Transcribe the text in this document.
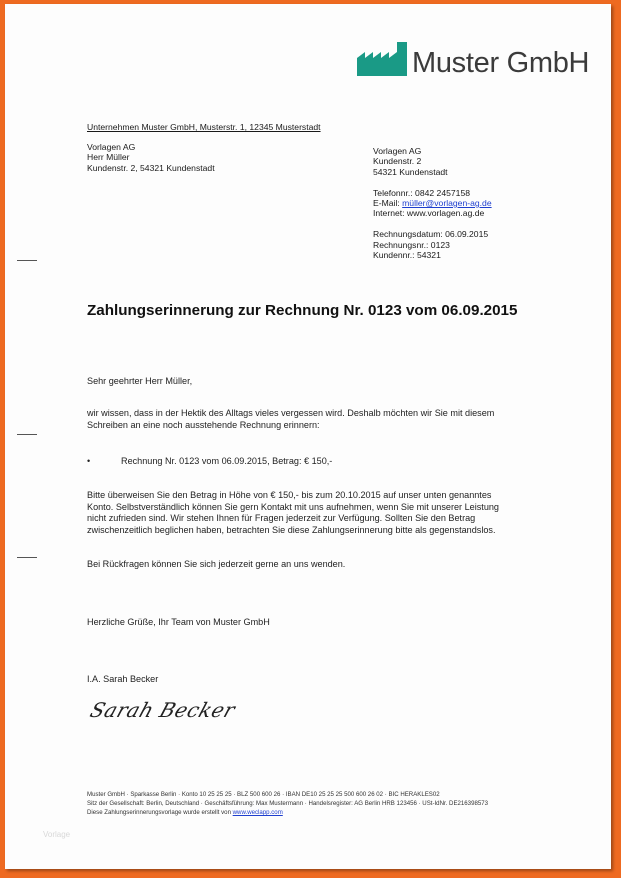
Muster GmbH
Unternehmen Muster GmbH, Musterstr. 1, 12345 Musterstadt
Vorlagen AG
Herr Müller
Kundenstr. 2, 54321 Kundenstadt
Vorlagen AG
Kundenstr. 2
54321 Kundenstadt
Telefonnr.: 0842 2457158
E-Mail: müller@vorlagen-ag.de
Internet: www.vorlagen.ag.de
Rechnungsdatum: 06.09.2015
Rechnungsnr.: 0123
Kundennr.: 54321
Zahlungserinnerung zur Rechnung Nr. 0123 vom 06.09.2015
Sehr geehrter Herr Müller,
wir wissen, dass in der Hektik des Alltags vieles vergessen wird. Deshalb möchten wir Sie mit diesem
Schreiben an eine noch ausstehende Rechnung erinnern:
•	Rechnung Nr. 0123 vom 06.09.2015, Betrag: € 150,-
Bitte überweisen Sie den Betrag in Höhe von € 150,- bis zum 20.10.2015 auf unser unten genanntes
Konto. Selbstverständlich können Sie gern Kontakt mit uns aufnehmen, wenn Sie mit unserer Leistung
nicht zufrieden sind. Wir stehen Ihnen für Fragen jederzeit zur Verfügung. Sollten Sie den Betrag
zwischenzeitlich beglichen haben, betrachten Sie diese Zahlungserinnerung bitte als gegenstandslos.
Bei Rückfragen können Sie sich jederzeit gerne an uns wenden.
Herzliche Grüße, Ihr Team von Muster GmbH
I.A. Sarah Becker
Sarah Becker
Muster GmbH · Sparkasse Berlin · Konto 10 25 25 25 · BLZ 500 600 26 · IBAN DE10 25 25 25 500 600 26 02 · BIC HERAKLES02
Sitz der Gesellschaft: Berlin, Deutschland · Geschäftsführung: Max Mustermann · Handelsregister: AG Berlin HRB 123456 · USt-IdNr. DE216398573
Diese Zahlungserinnerungsvorlage wurde erstellt von www.weclapp.com
Vorlage
